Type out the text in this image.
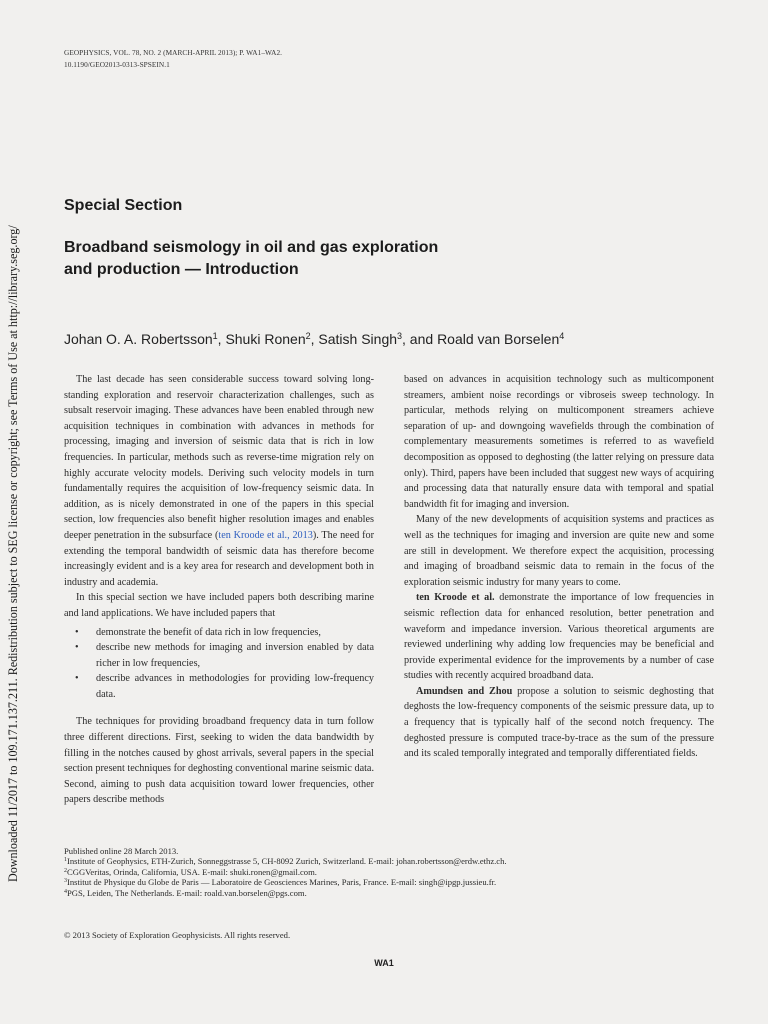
Downloaded 11/2017 to 109.171.137.211. Redistribution subject to SEG license or copyright; see Terms of Use at http://library.seg.org/
GEOPHYSICS, VOL. 78, NO. 2 (MARCH-APRIL 2013); P. WA1–WA2.
10.1190/GEO2013-0313-SPSEIN.1
Special Section
Broadband seismology in oil and gas exploration
and production — Introduction
Johan O. A. Robertsson$^1$, Shuki Ronen$^2$, Satish Singh$^3$, and Roald van Borselen$^4$

The last decade has seen considerable success toward solving long-standing exploration and reservoir characterization challenges, such as subsalt reservoir imaging. These advances have been enabled through new acquisition techniques in combination with advances in methods for processing, imaging and inversion of seismic data that is rich in low frequencies. In particular, methods such as reverse-time migration rely on highly accurate velocity models. Deriving such velocity models in turn fundamentally requires the acquisition of low-frequency seismic data. In addition, as is nicely demonstrated in one of the papers in this special section, low frequencies also benefit higher resolution images and enables deeper penetration in the subsurface (ten Kroode et al., 2013). The need for extending the temporal bandwidth of seismic data has therefore become increasingly evident and is a key area for research and development both in industry and academia.

In this special section we have included papers both describing marine and land applications. We have included papers that

• demonstrate the benefit of data rich in low frequencies,
• describe new methods for imaging and inversion enabled by data richer in low frequencies,
• describe advances in methodologies for providing low-frequency data.

The techniques for providing broadband frequency data in turn follow three different directions. First, seeking to widen the data bandwidth by filling in the notches caused by ghost arrivals, several papers in the special section present techniques for deghosting conventional marine seismic data. Second, aiming to push data acquisition toward lower frequencies, other papers describe methods

based on advances in acquisition technology such as multicomponent streamers, ambient noise recordings or vibroseis sweep technology. In particular, methods relying on multicomponent streamers achieve separation of up- and downgoing wavefields through the combination of complementary measurements sometimes is referred to as wavefield decomposition as opposed to deghosting (the latter relying on pressure data only). Third, papers have been included that suggest new ways of acquiring and processing data that naturally ensure data with temporal and spatial bandwidth fit for imaging and inversion.

Many of the new developments of acquisition systems and practices as well as the techniques for imaging and inversion are quite new and some are still in development. We therefore expect the acquisition, processing and imaging of broadband seismic data to remain in the focus of the exploration seismic industry for many years to come.

ten Kroode et al. demonstrate the importance of low frequencies in seismic reflection data for enhanced resolution, better penetration and waveform and impedance inversion. Various theoretical arguments are reviewed underlining why adding low frequencies may be beneficial and provide experimental evidence for the improvements by a number of case studies with recently acquired broadband data.

Amundsen and Zhou propose a solution to seismic deghosting that deghosts the low-frequency components of the seismic pressure data, up to a frequency that is typically half of the second notch frequency. The deghosted pressure is computed trace-by-trace as the sum of the pressure and its scaled temporally integrated and temporally differentiated fields.

Published online 28 March 2013.
$^1$Institute of Geophysics, ETH-Zurich, Sonneggstrasse 5, CH-8092 Zurich, Switzerland. E-mail: johan.robertsson@erdw.ethz.ch.
$^2$CGGVeritas, Orinda, California, USA. E-mail: shuki.ronen@gmail.com.
$^3$Institut de Physique du Globe de Paris — Laboratoire de Geosciences Marines, Paris, France. E-mail: singh@ipgp.jussieu.fr.
$^4$PGS, Leiden, The Netherlands. E-mail: roald.van.borselen@pgs.com.
© 2013 Society of Exploration Geophysicists. All rights reserved.
WA1
